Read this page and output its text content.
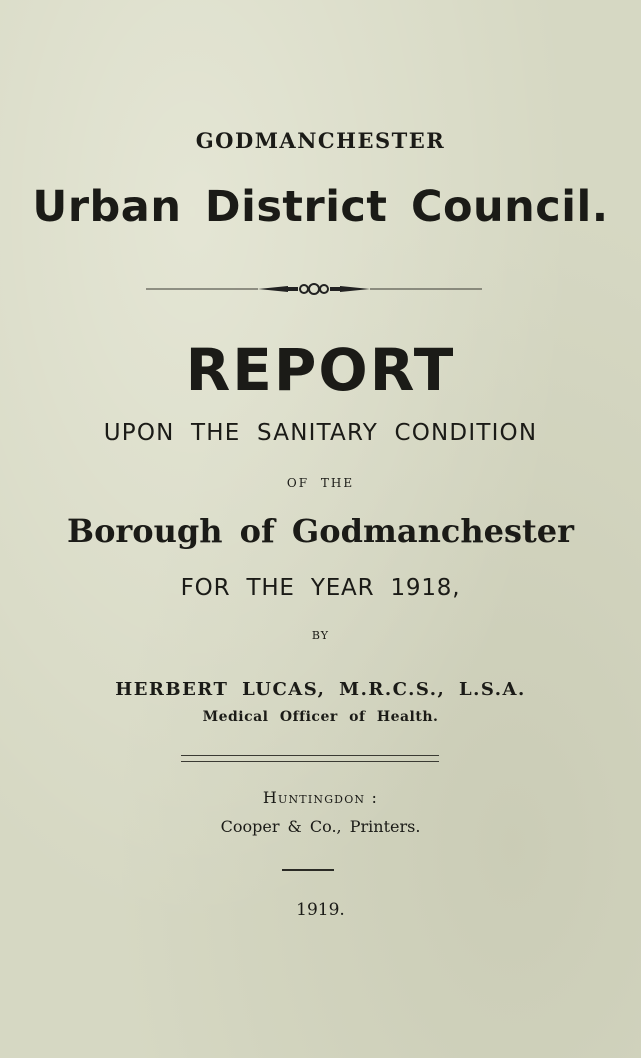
GODMANCHESTER
Urban District Council.
REPORT
UPON THE SANITARY CONDITION
OF THE
Borough of Godmanchester
FOR THE YEAR 1918,
BY
HERBERT LUCAS, M.R.C.S., L.S.A.
Medical Officer of Health.
Huntingdon :
Cooper & Co., Printers.
1919.
